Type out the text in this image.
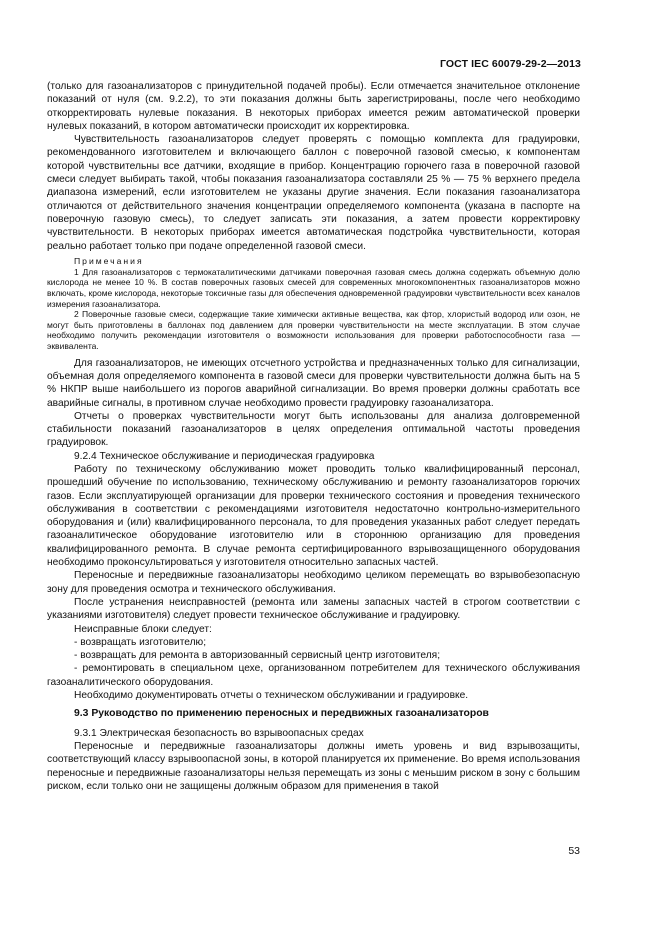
ГОСТ IEC 60079-29-2—2013

(только для газоанализаторов с принудительной подачей пробы). Если отмечается значительное отклонение показаний от нуля (см. 9.2.2), то эти показания должны быть зарегистрированы, после чего необходимо откорректировать нулевые показания. В некоторых приборах имеется режим автоматической проверки нулевых показаний, в котором автоматически происходит их корректировка.

Чувствительность газоанализаторов следует проверять с помощью комплекта для градуировки, рекомендованного изготовителем и включающего баллон с поверочной газовой смесью, к компонентам которой чувствительны все датчики, входящие в прибор. Концентрацию горючего газа в поверочной газовой смеси следует выбирать такой, чтобы показания газоанализатора составляли 25 % — 75 % верхнего предела диапазона измерений, если изготовителем не указаны другие значения. Если показания газоанализатора отличаются от действительного значения концентрации определяемого компонента (указана в паспорте на поверочную газовую смесь), то следует записать эти показания, а затем провести корректировку чувствительности. В некоторых приборах имеется автоматическая подстройка чувствительности, которая реально работает только при подаче определенной газовой смеси.

Примечания

1 Для газоанализаторов с термокаталитическими датчиками поверочная газовая смесь должна содержать объемную долю кислорода не менее 10 %. В состав поверочных газовых смесей для современных многокомпонентных газоанализаторов можно включать, кроме кислорода, некоторые токсичные газы для обеспечения одновременной градуировки чувствительности всех каналов измерения газоанализатора.

2 Поверочные газовые смеси, содержащие такие химически активные вещества, как фтор, хлористый водород или озон, не могут быть приготовлены в баллонах под давлением для проверки чувствительности на месте эксплуатации. В этом случае необходимо получить рекомендации изготовителя о возможности использования для проверки работоспособности газа — эквивалента.

Для газоанализаторов, не имеющих отсчетного устройства и предназначенных только для сигнализации, объемная доля определяемого компонента в газовой смеси для проверки чувствительности должна быть на 5 % НКПР выше наибольшего из порогов аварийной сигнализации. Во время проверки должны сработать все аварийные сигналы, в противном случае необходимо провести градуировку газоанализатора.

Отчеты о проверках чувствительности могут быть использованы для анализа долговременной стабильности показаний газоанализаторов в целях определения оптимальной частоты проведения градуировок.

9.2.4 Техническое обслуживание и периодическая градуировка

Работу по техническому обслуживанию может проводить только квалифицированный персонал, прошедший обучение по использованию, техническому обслуживанию и ремонту газоанализаторов горючих газов. Если эксплуатирующей организации для проверки технического состояния и проведения технического обслуживания в соответствии с рекомендациями изготовителя недостаточно контрольно-измерительного оборудования и (или) квалифицированного персонала, то для проведения указанных работ следует передать газоаналитическое оборудование изготовителю или в стороннюю организацию для проведения квалифицированного ремонта. В случае ремонта сертифицированного взрывозащищенного оборудования необходимо проконсультироваться у изготовителя относительно запасных частей.

Переносные и передвижные газоанализаторы необходимо целиком перемещать во взрывобезопасную зону для проведения осмотра и технического обслуживания.

После устранения неисправностей (ремонта или замены запасных частей в строгом соответствии с указаниями изготовителя) следует провести техническое обслуживание и градуировку.

Неисправные блоки следует:

- возвращать изготовителю;

- возвращать для ремонта в авторизованный сервисный центр изготовителя;

- ремонтировать в специальном цехе, организованном потребителем для технического обслуживания газоаналитического оборудования.

Необходимо документировать отчеты о техническом обслуживании и градуировке.

9.3 Руководство по применению переносных и передвижных газоанализаторов
9.3.1 Электрическая безопасность во взрывоопасных средах

Переносные и передвижные газоанализаторы должны иметь уровень и вид взрывозащиты, соответствующий классу взрывоопасной зоны, в которой планируется их применение. Во время использования переносные и передвижные газоанализаторы нельзя перемещать из зоны с меньшим риском в зону с большим риском, если только они не защищены должным образом для применения в такой

53
